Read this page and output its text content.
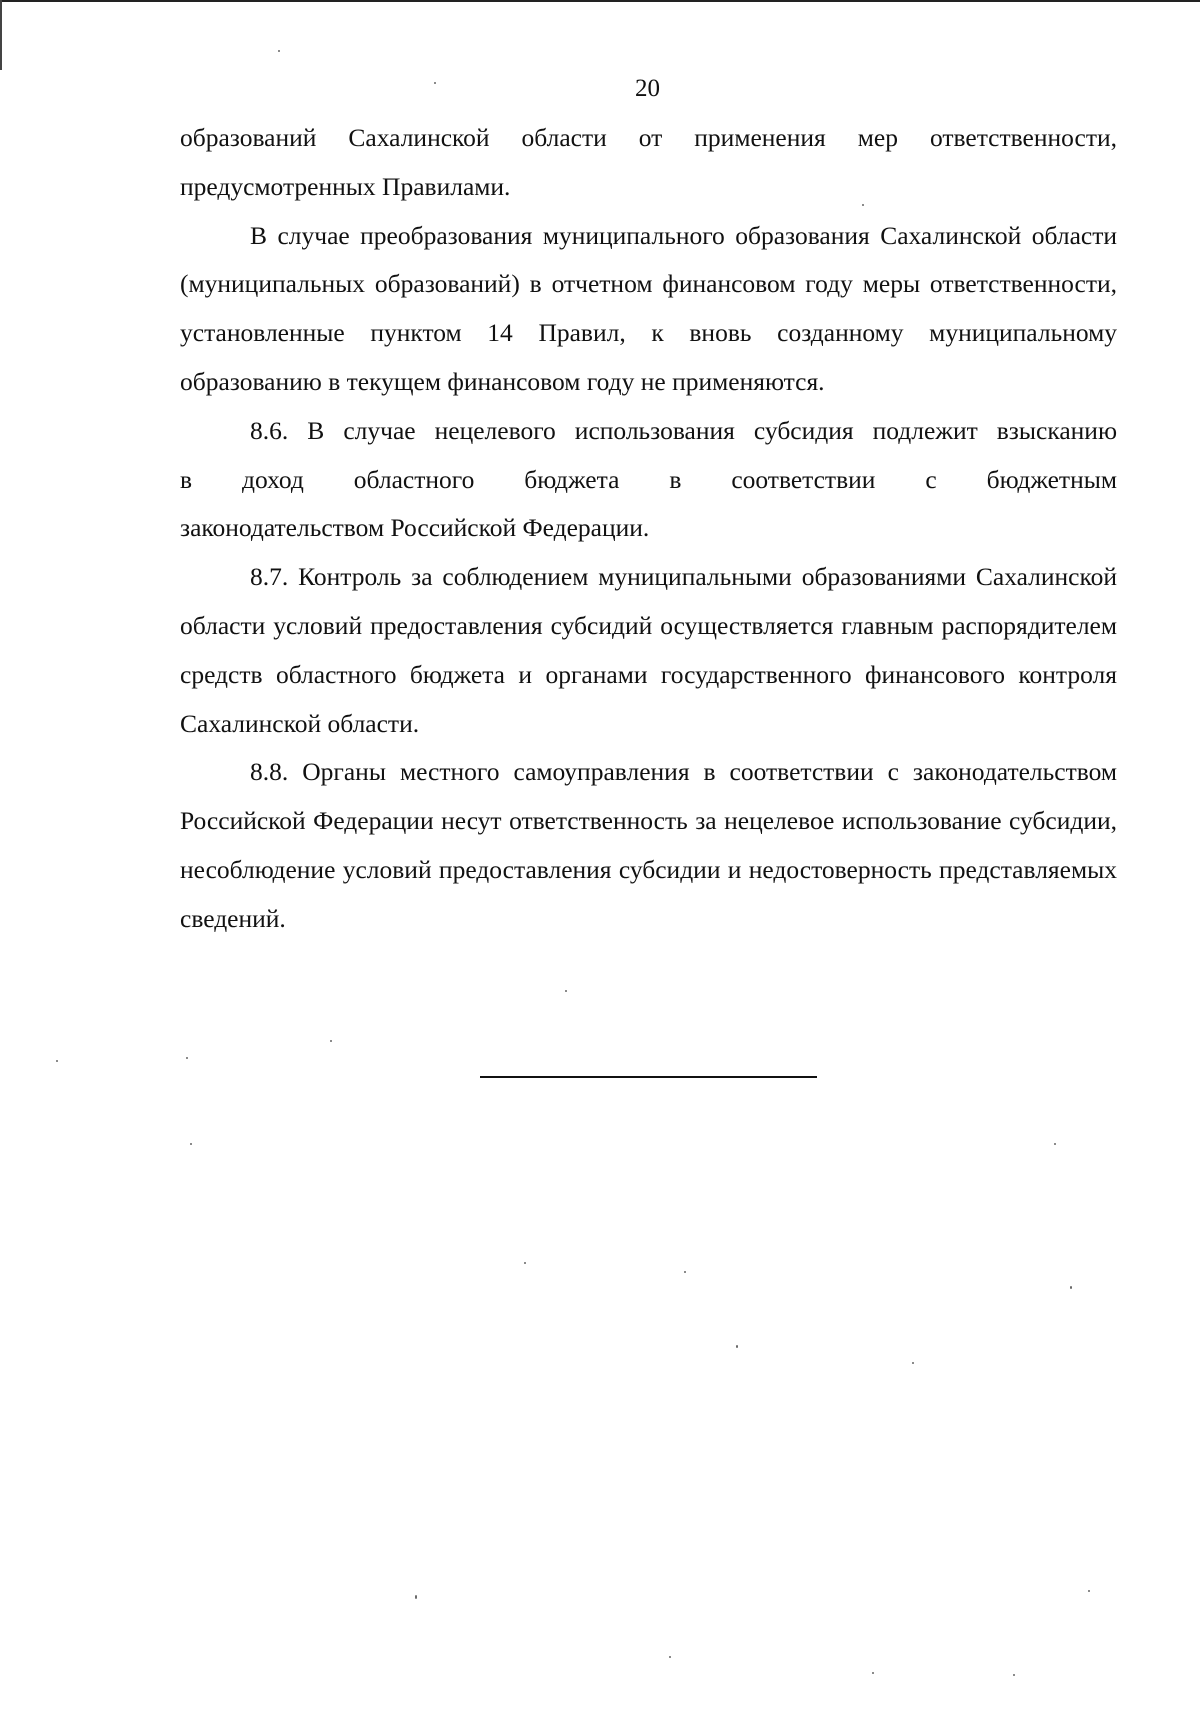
20

образований Сахалинской области от применения мер ответственности, предусмотренных Правилами.

В случае преобразования муниципального образования Сахалинской области (муниципальных образований) в отчетном финансовом году меры ответственности, установленные пунктом 14 Правил, к вновь созданному муниципальному образованию в текущем финансовом году не применяются.

8.6. В случае нецелевого использования субсидия подлежит взысканию

в доход областного бюджета в соответствии с бюджетным

законодательством Российской Федерации.

8.7. Контроль за соблюдением муниципальными образованиями Сахалинской области условий предоставления субсидий осуществляется главным распорядителем средств областного бюджета и органами государственного финансового контроля Сахалинской области.

8.8. Органы местного самоуправления в соответствии с законодательством Российской Федерации несут ответственность за нецелевое использование субсидии, несоблюдение условий предоставления субсидии и недостоверность представляемых сведений.
